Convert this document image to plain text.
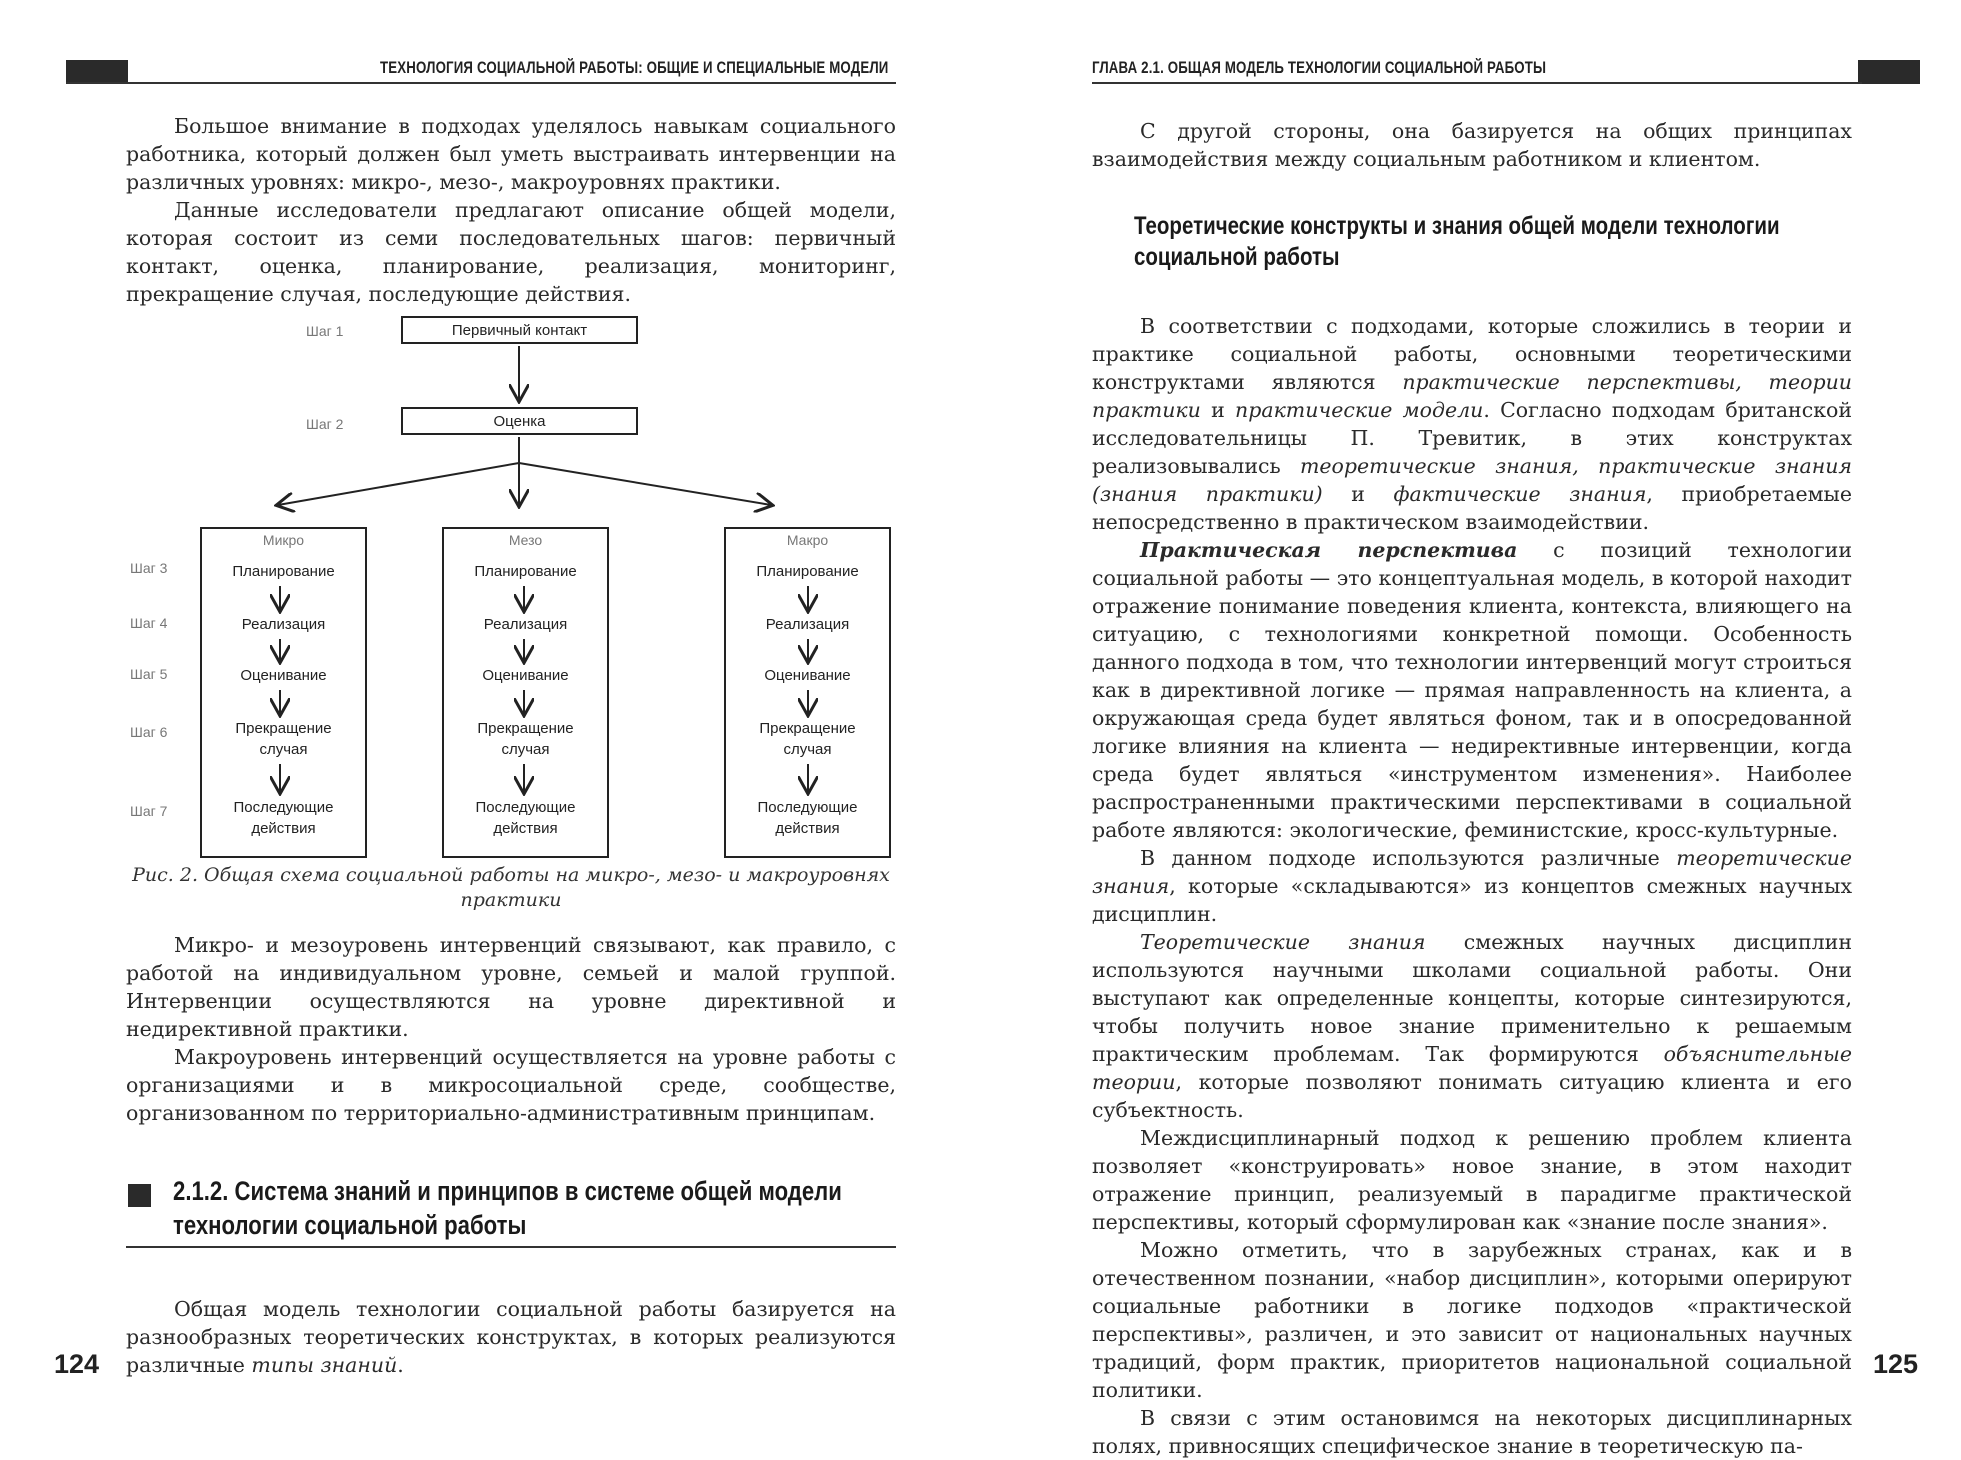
ТЕХНОЛОГИЯ СОЦИАЛЬНОЙ РАБОТЫ: ОБЩИЕ И СПЕЦИАЛЬНЫЕ МОДЕЛИ

Большое внимание в подходах уделялось навыкам социального работника, который должен был уметь выстраивать интервенции на различных уровнях: микро-, мезо-, макроуровнях практики.

Данные исследователи предлагают описание общей модели, которая состоит из семи последовательных шагов: первичный контакт, оценка, планирование, реализация, мониторинг, прекращение случая, последующие действия.

Шаг 1
Шаг 2
Шаг 3
Шаг 4
Шаг 5
Шаг 6
Шаг 7
Первичный контакт
Оценка
Микро	Мезо	Макро
Планирование
Реализация
Оценивание
Прекращение случая
Последующие действия
Планирование
Реализация
Оценивание
Прекращение случая
Последующие действия
Планирование
Реализация
Оценивание
Прекращение случая
Последующие действия
Рис. 2. Общая схема социальной работы на микро-, мезо- и макроуровнях практики

Микро- и мезоуровень интервенций связывают, как правило, с работой на индивидуальном уровне, семьей и малой группой. Интервенции осуществляются на уровне директивной и недирективной практики.

Макроуровень интервенций осуществляется на уровне работы с организациями и в микросоциальной среде, сообществе, организованном по территориально-административным принципам.

2.1.2. Система знаний и принципов в системе общей модели
технологии социальной работы

Общая модель технологии социальной работы базируется на разнообразных теоретических конструктах, в которых реализуются различные типы знаний.

124
ГЛАВА 2.1. ОБЩАЯ МОДЕЛЬ ТЕХНОЛОГИИ СОЦИАЛЬНОЙ РАБОТЫ

С другой стороны, она базируется на общих принципах взаимодействия между социальным работником и клиентом.

Теоретические конструкты и знания общей модели технологии
социальной работы

В соответствии с подходами, которые сложились в теории и практике социальной работы, основными теоретическими конструктами являются практические перспективы, теории практики и практические модели. Согласно подходам британской исследовательницы П. Тревитик, в этих конструктах реализовывались теоретические знания, практические знания (знания практики) и фактические знания, приобретаемые непосредственно в практическом взаимодействии.

Практическая перспектива с позиций технологии социальной работы — это концептуальная модель, в которой находит отражение понимание поведения клиента, контекста, влияющего на ситуацию, с технологиями конкретной помощи. Особенность данного подхода в том, что технологии интервенций могут строиться как в директивной логике — прямая направленность на клиента, а окружающая среда будет являться фоном, так и в опосредованной логике влияния на клиента — недирективные интервенции, когда среда будет являться «инструментом изменения». Наиболее распространенными практическими перспективами в социальной работе являются: экологические, феминистские, кросс-культурные.

В данном подходе используются различные теоретические знания, которые «складываются» из концептов смежных научных дисциплин.

Теоретические знания смежных научных дисциплин используются научными школами социальной работы. Они выступают как определенные концепты, которые синтезируются, чтобы получить новое знание применительно к решаемым практическим проблемам. Так формируются объяснительные теории, которые позволяют понимать ситуацию клиента и его субъектность.

Междисциплинарный подход к решению проблем клиента позволяет «конструировать» новое знание, в этом находит отражение принцип, реализуемый в парадигме практической перспективы, который сформулирован как «знание после знания».

Можно отметить, что в зарубежных странах, как и в отечественном познании, «набор дисциплин», которыми оперируют социальные работники в логике подходов «практической перспективы», различен, и это зависит от национальных научных традиций, форм практик, приоритетов национальной социальной политики.

В связи с этим остановимся на некоторых дисциплинарных полях, привносящих специфическое знание в теоретическую па-

125
